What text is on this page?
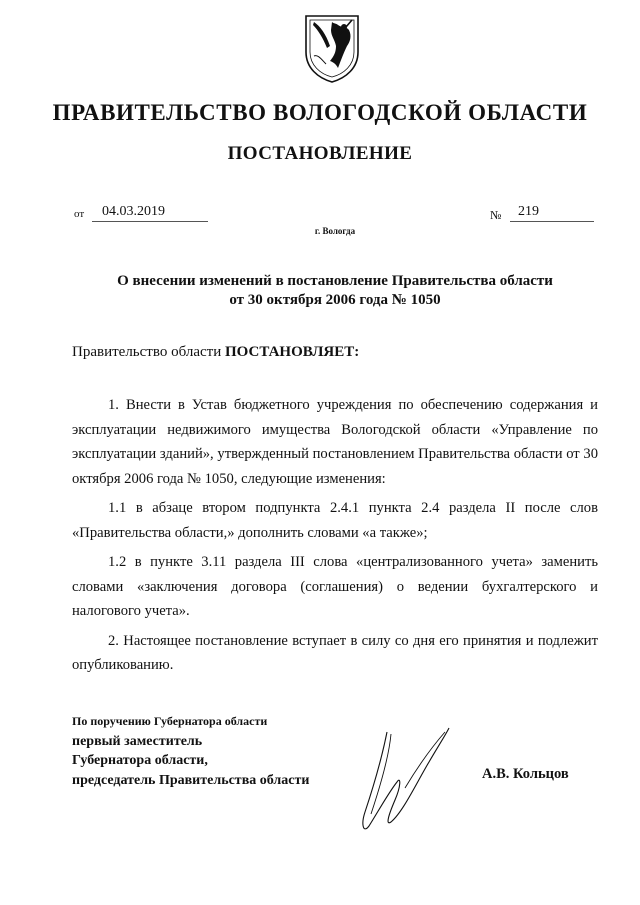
ПРАВИТЕЛЬСТВО ВОЛОГОДСКОЙ ОБЛАСТИ
ПОСТАНОВЛЕНИЕ
от	04.03.2019	№	219
г. Вологда
О внесении изменений в постановление Правительства области
от 30 октября 2006 года № 1050
Правительство области ПОСТАНОВЛЯЕТ:

1. Внести в Устав бюджетного учреждения по обеспечению содержания и эксплуатации недвижимого имущества Вологодской области «Управление по эксплуатации зданий», утвержденный постановлением Правительства области от 30 октября 2006 года № 1050, следующие изменения:

1.1 в абзаце втором подпункта 2.4.1 пункта 2.4 раздела II после слов «Правительства области,» дополнить словами «а также»;

1.2 в пункте 3.11 раздела III слова «централизованного учета» заменить словами «заключения договора (соглашения) о ведении бухгалтерского и налогового учета».

2. Настоящее постановление вступает в силу со дня его принятия и подлежит опубликованию.

По поручению Губернатора области
первый заместитель
Губернатора области,
председатель Правительства области	А.В. Кольцов
